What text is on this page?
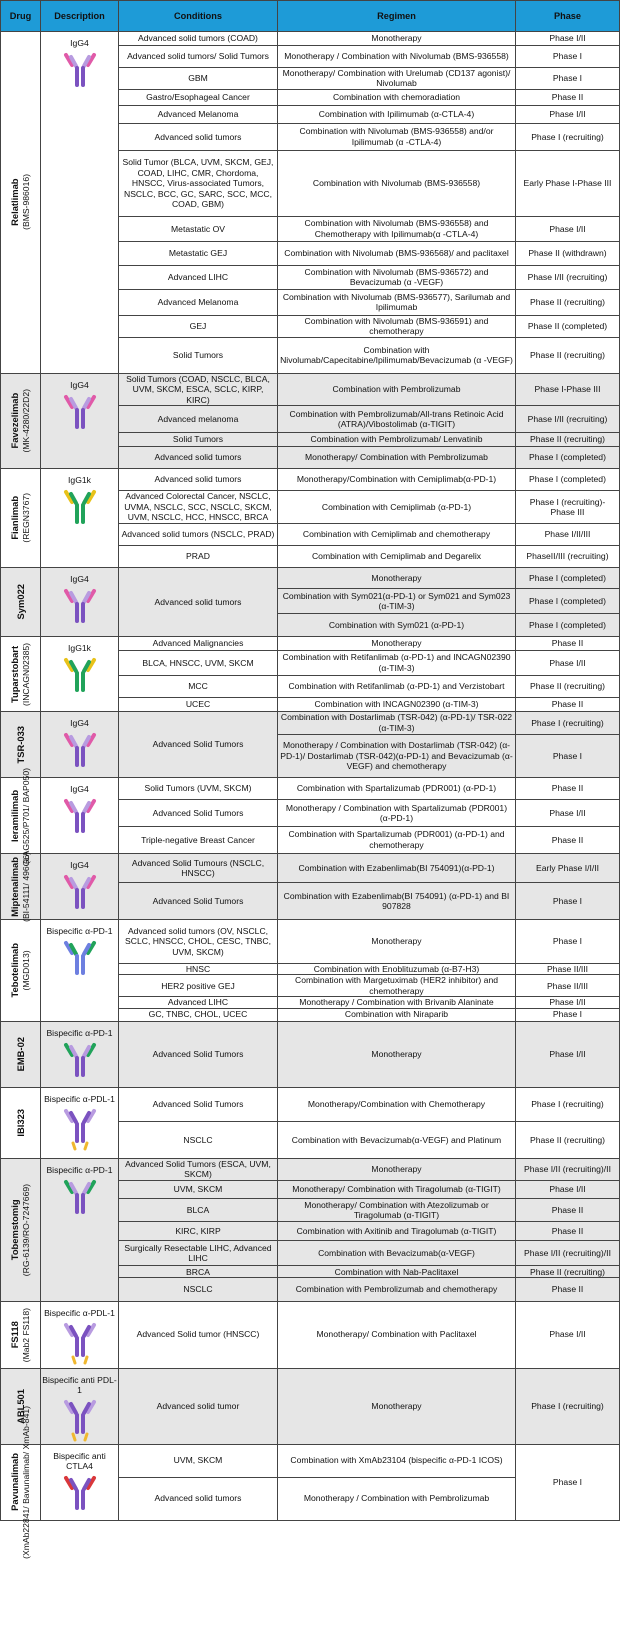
Drug	Description	Conditions	Regimen	Phase

Relatlimab
(BMS-986016)	IgG4	Advanced solid tumors (COAD)	Monotherapy	Phase I/II
		Advanced solid tumors/ Solid Tumors	Monotherapy / Combination with Nivolumab (BMS-936558)	Phase I
		GBM	Monotherapy/ Combination with Urelumab (CD137 agonist)/ Nivolumab	Phase I
		Gastro/Esophageal Cancer	Combination with chemoradiation	Phase II
		Advanced Melanoma	Combination with Ipilimumab (α-CTLA-4)	Phase I/II
		Advanced solid tumors	Combination with Nivolumab (BMS-936558) and/or Ipilimumab (α -CTLA-4)	Phase I (recruiting)
		Solid Tumor (BLCA, UVM, SKCM, GEJ, COAD, LIHC, CMR, Chordoma, HNSCC, Virus-associated Tumors, NSCLC, BCC, GC, SARC, SCC, MCC, COAD, GBM)	Combination with Nivolumab (BMS-936558)	Early Phase I-Phase III
		Metastatic OV	Combination with Nivolumab (BMS-936558) and Chemotherapy with Ipilimumab(α -CTLA-4)	Phase I/II
		Metastatic GEJ	Combination with Nivolumab (BMS-936568)/ and paclitaxel	Phase II (withdrawn)
		Advanced LIHC	Combination with Nivolumab (BMS-936572) and Bevacizumab (α -VEGF)	Phase I/II (recruiting)
		Advanced Melanoma	Combination with Nivolumab (BMS-936577), Sarilumab and Ipilimumab	Phase II (recruiting)
		GEJ	Combination with Nivolumab (BMS-936591) and chemotherapy	Phase II (completed)
		Solid Tumors	Combination with Nivolumab/Capecitabine/Ipilimumab/Bevacizumab (α -VEGF)	Phase II (recruiting)

Favezelimab
(MK-4280/22D2)	IgG4	Solid Tumors (COAD, NSCLC, BLCA, UVM, SKCM, ESCA, SCLC, KIRP, KIRC)	Combination with Pembrolizumab	Phase I-Phase III
		Advanced melanoma	Combination with Pembrolizumab/All-trans Retinoic Acid (ATRA)/Vibostolimab (α-TIGIT)	Phase I/II (recruiting)
		Solid Tumors	Combination with Pembrolizumab/ Lenvatinib	Phase II (recruiting)
		Advanced solid tumors	Monotherapy/ Combination with Pembrolizumab	Phase I (completed)

Fianlimab
(REGN3767)	IgG1k	Advanced solid tumors	Monotherapy/Combination with Cemiplimab(α-PD-1)	Phase I (completed)
		Advanced Colorectal Cancer, NSCLC, UVMA, NSCLC, SCC, NSCLC, SKCM, UVM, NSCLC, HCC, HNSCC, BRCA	Combination with Cemiplimab (α-PD-1)	Phase I (recruiting)-Phase III
		Advanced solid tumors (NSCLC, PRAD)	Combination with Cemiplimab and chemotherapy	Phase I/II/III
		PRAD	Combination with Cemiplimab and Degarelix	PhaseII/III (recruiting)

Sym022	IgG4	Advanced solid tumors	Monotherapy	Phase I (completed)
			Combination with Sym021(α-PD-1) or Sym021 and Sym023 (α-TIM-3)	Phase I (completed)
			Combination with Sym021 (α-PD-1)	Phase I (completed)

Tuparstobart
(INCAGN02385)	IgG1k	Advanced Malignancies	Monotherapy	Phase II
		BLCA, HNSCC, UVM, SKCM	Combination with Retifanlimab (α-PD-1) and INCAGN02390 (α-TIM-3)	Phase I/II
		MCC	Combination with Retifanlimab (α-PD-1) and Verzistobart	Phase II (recruiting)
		UCEC	Combination with INCAGN02390 (α-TIM-3)	Phase II

TSR-033	IgG4	Advanced Solid Tumors	Combination with Dostarlimab (TSR-042) (α-PD-1)/ TSR-022 (α-TIM-3)	Phase I (recruiting)
			Monotherapy / Combination with Dostarlimab (TSR-042) (α-PD-1)/ Dostarlimab (TSR-042)(α-PD-1) and Bevacizumab (α-VEGF) and chemotherapy	Phase I

Ieramilimab
(LAG525/P701/ BAP050)	IgG4	Solid Tumors (UVM, SKCM)	Combination with Spartalizumab (PDR001) (α-PD-1)	Phase II
		Advanced Solid Tumors	Monotherapy / Combination with Spartalizumab (PDR001) (α-PD-1)	Phase I/II
		Triple-negative Breast Cancer	Combination with Spartalizumab (PDR001) (α-PD-1) and chemotherapy	Phase II

Miptenalimab
(BI-54111/ 496G6)	IgG4	Advanced Solid Tumours (NSCLC, HNSCC)	Combination with Ezabenlimab(BI 754091)(α-PD-1)	Early Phase I/I/II
		Advanced Solid Tumors	Combination with Ezabenlimab(BI 754091) (α-PD-1) and BI 907828	Phase I

Tebotelimab
(MGD013)	Bispecific α-PD-1	Advanced solid tumors (OV, NSCLC, SCLC, HNSCC, CHOL, CESC, TNBC, UVM, SKCM)	Monotherapy	Phase I
		HNSC	Combination with Enoblituzumab (α-B7-H3)	Phase II/III
		HER2 positive GEJ	Combination with Margetuximab (HER2 inhibitor) and chemotherapy	Phase II/III
		Advanced LIHC	Monotherapy / Combination with Brivanib Alaninate	Phase I/II
		GC, TNBC, CHOL, UCEC	Combination with Niraparib	Phase I

EMB-02	Bispecific α-PD-1	Advanced Solid Tumors	Monotherapy	Phase I/II

IBI323	Bispecific α-PDL-1	Advanced Solid Tumors	Monotherapy/Combination with Chemotherapy	Phase I (recruiting)
		NSCLC	Combination with Bevacizumab(α-VEGF) and Platinum	Phase II (recruiting)

Tobemstomig
(RG-6139/RO-7247669)	Bispecific α-PD-1	Advanced Solid Tumors (ESCA, UVM, SKCM)	Monotherapy	Phase I/II (recruiting)/II
		UVM, SKCM	Monotherapy/ Combination with Tiragolumab (α-TIGIT)	Phase I/II
		BLCA	Monotherapy/ Combination with Atezolizumab or Tiragolumab (α-TIGIT)	Phase II
		KIRC, KIRP	Combination with Axitinib and Tiragolumab (α-TIGIT)	Phase II
		Surgically Resectable LIHC, Advanced LIHC	Combination with Bevacizumab(α-VEGF)	Phase I/II (recruiting)/II
		BRCA	Combination with Nab-Paclitaxel	Phase II (recruiting)
		NSCLC	Combination with Pembrolizumab and chemotherapy	Phase II

FS118
(Mab2 FS118)	Bispecific α-PDL-1	Advanced Solid tumor (HNSCC)	Monotherapy/ Combination with Paclitaxel	Phase I/II

ABL501	Bispecific anti PDL-1	Advanced solid tumor	Monotherapy	Phase I (recruiting)

Pavunalimab
(XmAb22841/ Bavunalimab/ XmAb-841)	Bispecific anti CTLA4	UVM, SKCM	Combination with XmAb23104 (bispecific α-PD-1 ICOS)	Phase I
		Advanced solid tumors	Monotherapy / Combination with Pembrolizumab	
